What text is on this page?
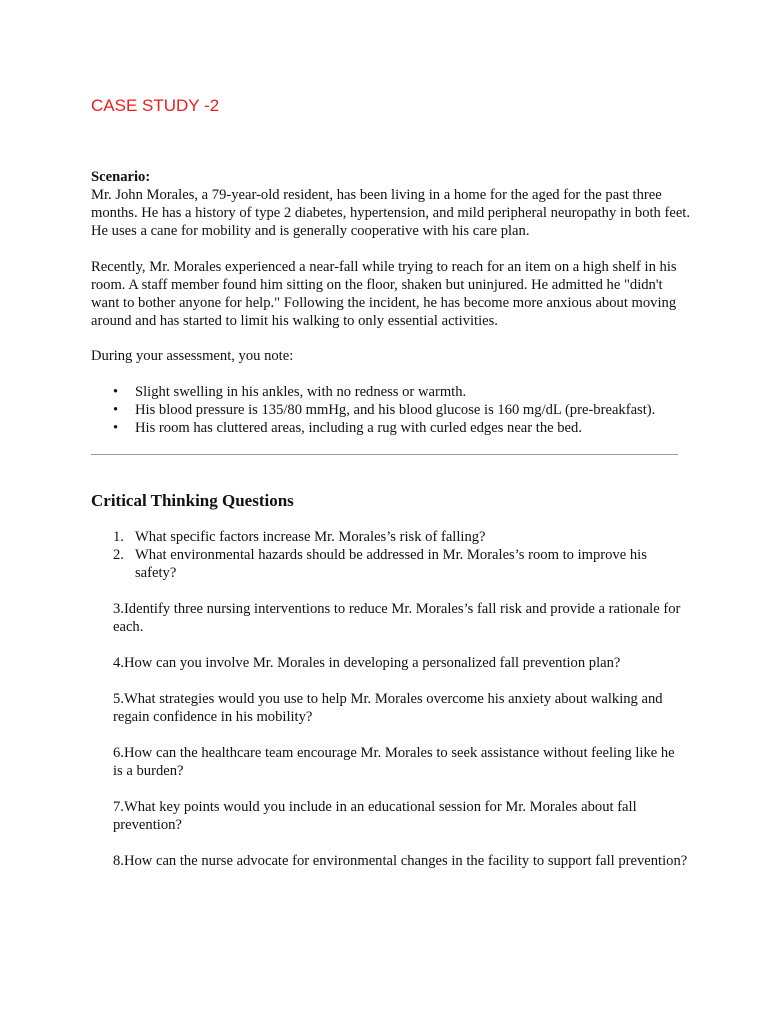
CASE STUDY -2
Scenario:

Mr. John Morales, a 79-year-old resident, has been living in a home for the aged for the past three months. He has a history of type 2 diabetes, hypertension, and mild peripheral neuropathy in both feet. He uses a cane for mobility and is generally cooperative with his care plan.

Recently, Mr. Morales experienced a near-fall while trying to reach for an item on a high shelf in his room. A staff member found him sitting on the floor, shaken but uninjured. He admitted he "didn't want to bother anyone for help." Following the incident, he has become more anxious about moving around and has started to limit his walking to only essential activities.

During your assessment, you note:

• Slight swelling in his ankles, with no redness or warmth.
• His blood pressure is 135/80 mmHg, and his blood glucose is 160 mg/dL (pre-breakfast).
• His room has cluttered areas, including a rug with curled edges near the bed.
Critical Thinking Questions
1. What specific factors increase Mr. Morales’s risk of falling?
2. What environmental hazards should be addressed in Mr. Morales’s room to improve his safety?

3.Identify three nursing interventions to reduce Mr. Morales’s fall risk and provide a rationale for each.

4.How can you involve Mr. Morales in developing a personalized fall prevention plan?

5.What strategies would you use to help Mr. Morales overcome his anxiety about walking and regain confidence in his mobility?

6.How can the healthcare team encourage Mr. Morales to seek assistance without feeling like he is a burden?

7.What key points would you include in an educational session for Mr. Morales about fall prevention?

8.How can the nurse advocate for environmental changes in the facility to support fall prevention?
